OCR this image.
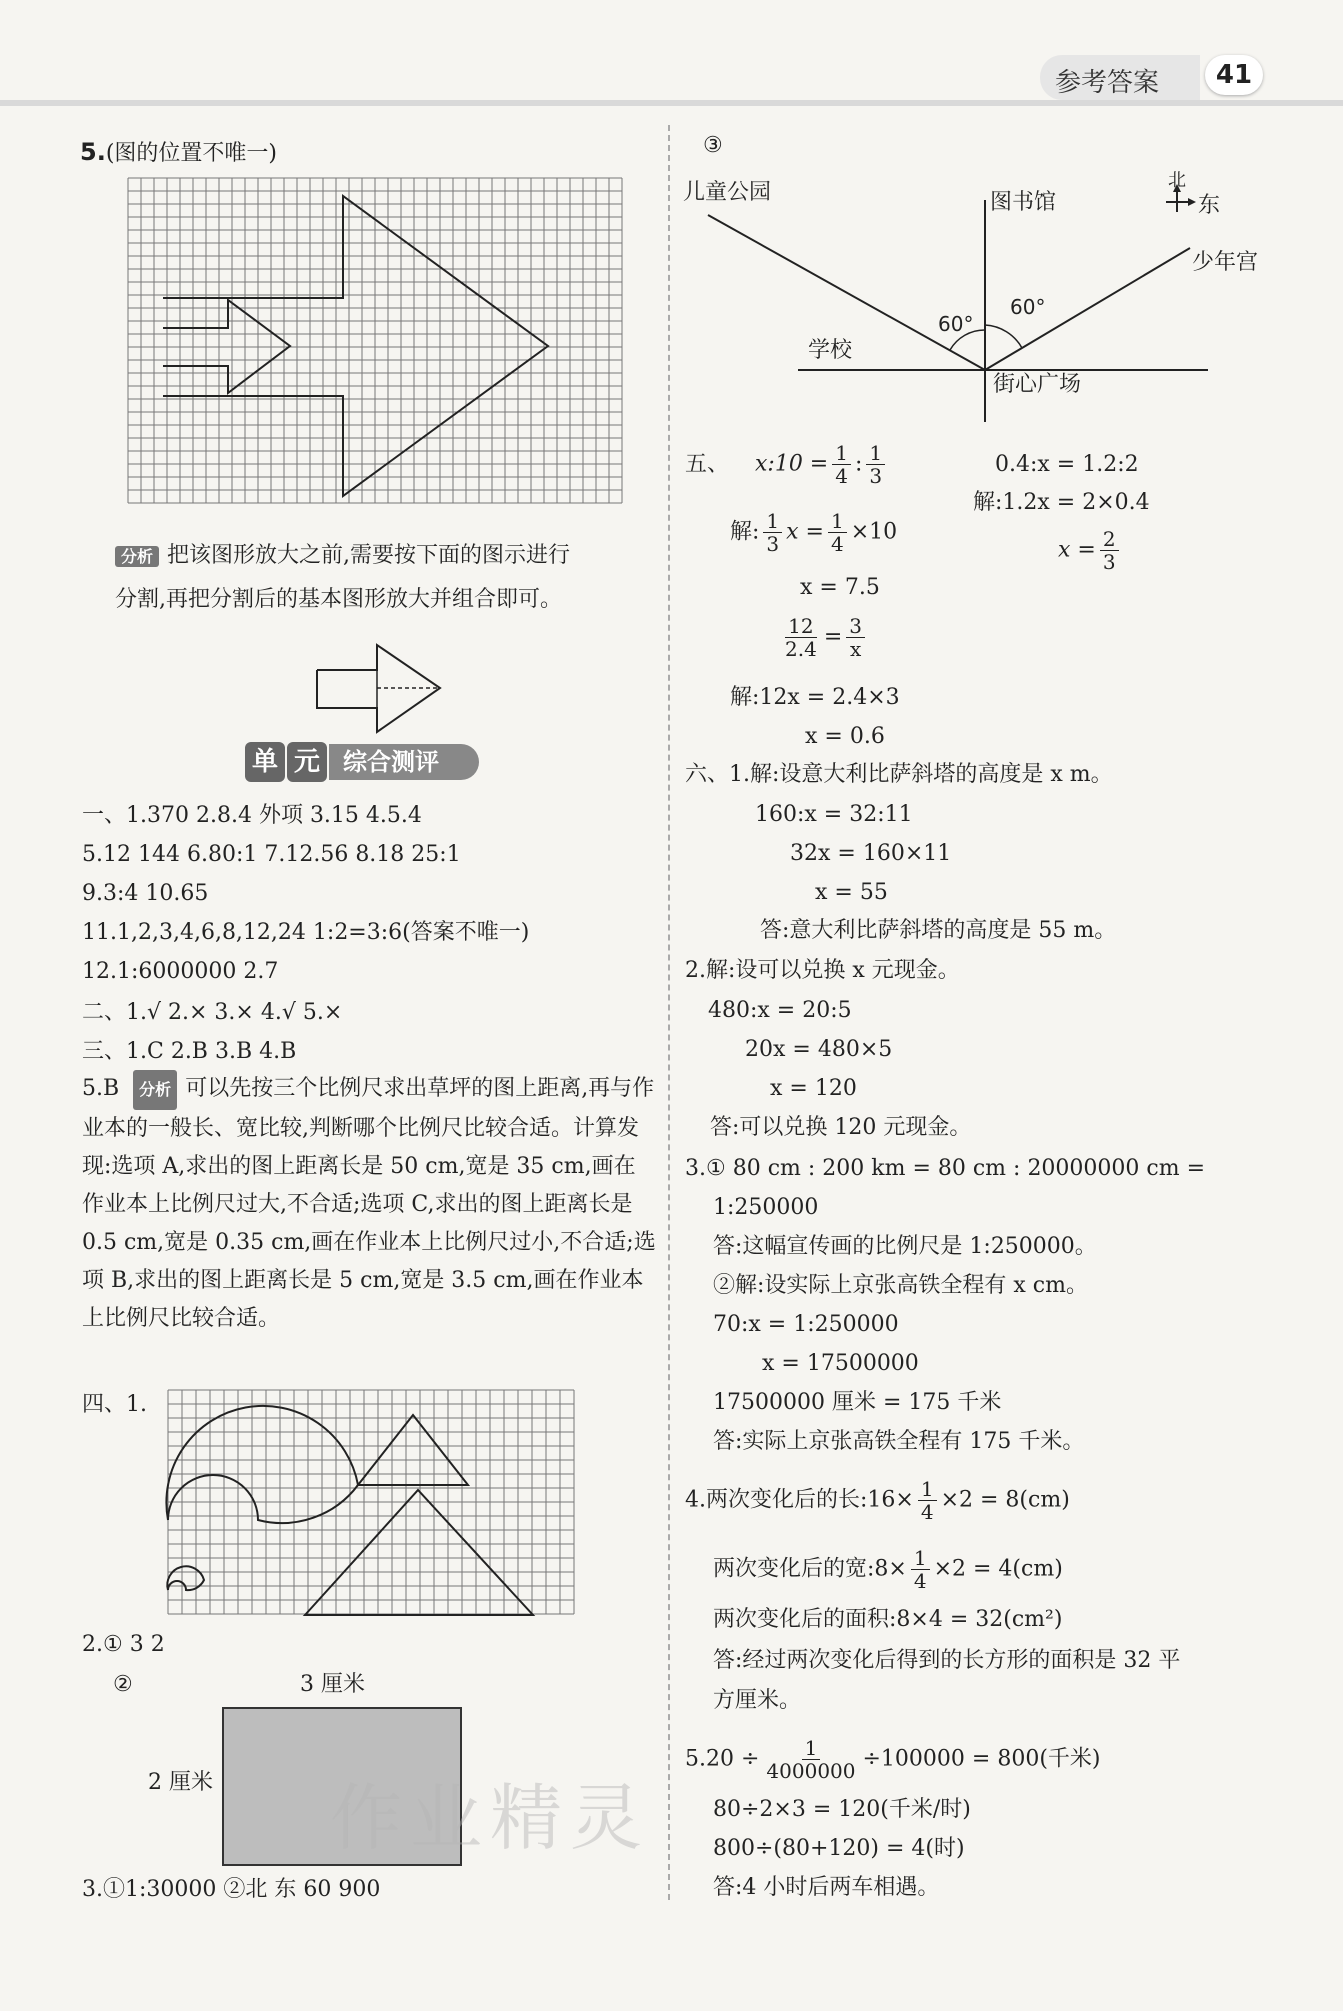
参考答案	41
5.(图的位置不唯一)
分析 把该图形放大之前,需要按下面的图示进行
分割,再把分割后的基本图形放大并组合即可。
单 元 综合测评
一、1.370 2.8.4 外项 3.15 4.5.4
5.12 144 6.80:1 7.12.56 8.18 25:1
9.3:4 10.65
11.1,2,3,4,6,8,12,24 1:2=3:6(答案不唯一)
12.1:6000000 2.7
二、1.√ 2.× 3.× 4.√ 5.×
三、1.C 2.B 3.B 4.B
5.B 分析 可以先按三个比例尺求出草坪的图上距离,再与作业本的一般长、宽比较,判断哪个比例尺比较合适。计算发现:选项 A,求出的图上距离长是 50 cm,宽是 35 cm,画在作业本上比例尺过大,不合适;选项 C,求出的图上距离长是 0.5 cm,宽是 0.35 cm,画在作业本上比例尺过小,不合适;选项 B,求出的图上距离长是 5 cm,宽是 3.5 cm,画在作业本上比例尺比较合适。
四、1.
2.① 3 2
②	3 厘米
2 厘米 作业精灵
3.①1:30000 ②北 东 60 900
③
儿童公园	图书馆
北
东
少年宫
学校
街心广场
60°
60°
五、 x:10 = $\frac{1}{4}$ : $\frac{1}{3}$
解: $\frac{1}{3}$ $x = \frac{1}{4} \times 10$
x = 7.5
$\frac{12}{2.4} = \frac{3}{x}$
解:12x = 2.4×3
x = 0.6
0.4:x = 1.2:2
解:1.2x = 2×0.4
$x = \frac{2}{3}$
六、1.解:设意大利比萨斜塔的高度是 x m。
160:x = 32:11
32x = 160×11
x = 55
答:意大利比萨斜塔的高度是 55 m。
2.解:设可以兑换 x 元现金。
480:x = 20:5
20x = 480×5
x = 120
答:可以兑换 120 元现金。
3.① 80 cm : 200 km = 80 cm : 20000000 cm =
1:250000
答:这幅宣传画的比例尺是 1:250000。
②解:设实际上京张高铁全程有 x cm。
70:x = 1:250000
x = 17500000
17500000 厘米 = 175 千米
答:实际上京张高铁全程有 175 千米。
4.两次变化后的长:16× $\frac{1}{4} \times 2 = 8(cm)$
两次变化后的宽:8× $\frac{1}{4} \times 2 = 4(cm)$
两次变化后的面积:8×4 = 32(cm²)
答:经过两次变化后得到的长方形的面积是 32 平
方厘米。
$5.20 \div \frac{1}{4000000} \div 100000 = 800$(千米)
80÷2×3 = 120(千米/时)
800÷(80+120) = 4(时)
答:4 小时后两车相遇。
